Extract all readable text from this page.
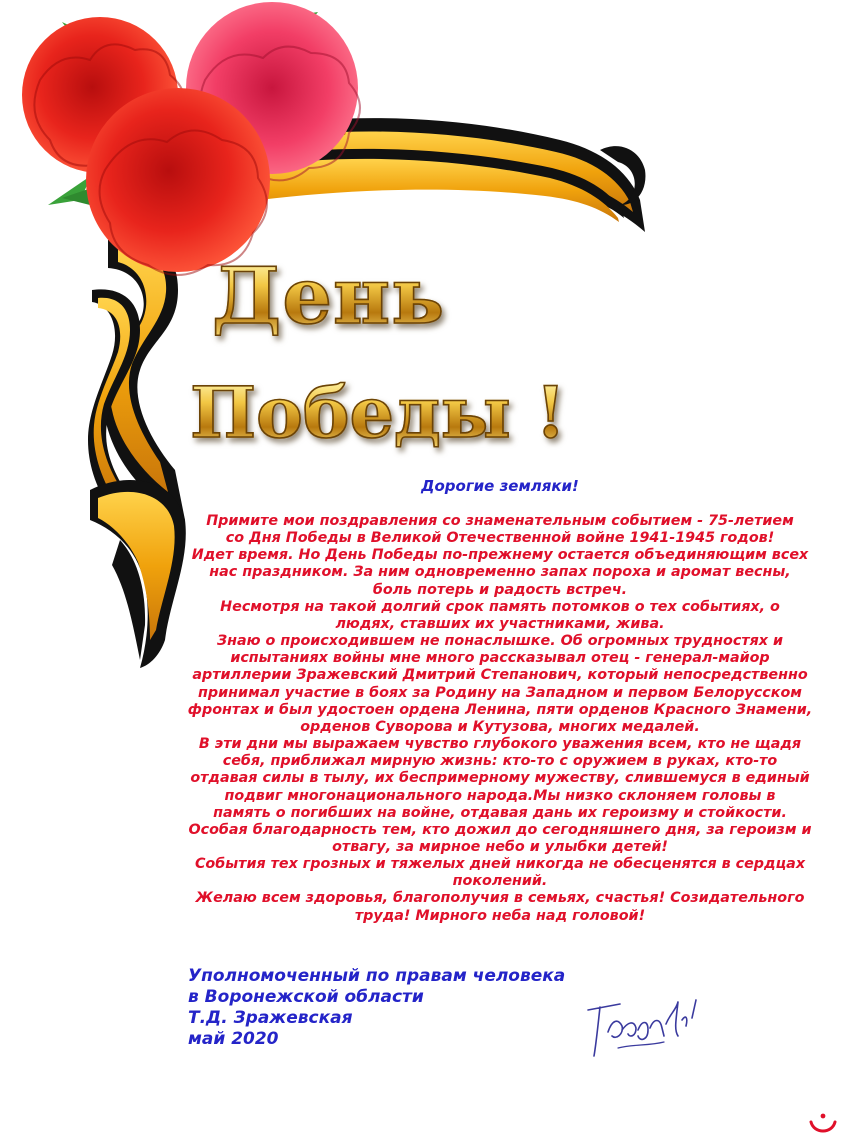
День
Победы !

Дорогие земляки!

Примите мои поздравления со знаменательным событием - 75-летием
со Дня Победы в Великой Отечественной войне 1941-1945 годов!
Идет время. Но День Победы по-прежнему остается объединяющим всех
нас праздником. За ним одновременно запах пороха и аромат весны,
боль потерь и радость встреч.
Несмотря на такой долгий срок память потомков о тех событиях, о
людях, ставших их участниками, жива.
Знаю о происходившем не понаслышке. Об огромных трудностях и
испытаниях войны мне много рассказывал отец - генерал-майор
артиллерии Зражевский Дмитрий Степанович, который непосредственно
принимал участие в боях за Родину на Западном и первом Белорусском
фронтах и был удостоен ордена Ленина, пяти орденов Красного Знамени,
орденов Суворова и Кутузова, многих медалей.
В эти дни мы выражаем чувство глубокого уважения всем, кто не щадя
себя, приближал мирную жизнь: кто-то с оружием в руках, кто-то
отдавая силы в тылу, их беспримерному мужеству, слившемуся в единый
подвиг многонационального народа.Мы низко склоняем головы в
память о погибших на войне, отдавая дань их героизму и стойкости.
Особая благодарность тем, кто дожил до сегодняшнего дня, за героизм и
отвагу, за мирное небо и улыбки детей!
События тех грозных и тяжелых дней никогда не обесценятся в сердцах
поколений.
Желаю всем здоровья, благополучия в семьях, счастья! Созидательного
труда! Мирного неба над головой!
Уполномоченный по правам человека
в Воронежской области
Т.Д. Зражевская
май 2020
